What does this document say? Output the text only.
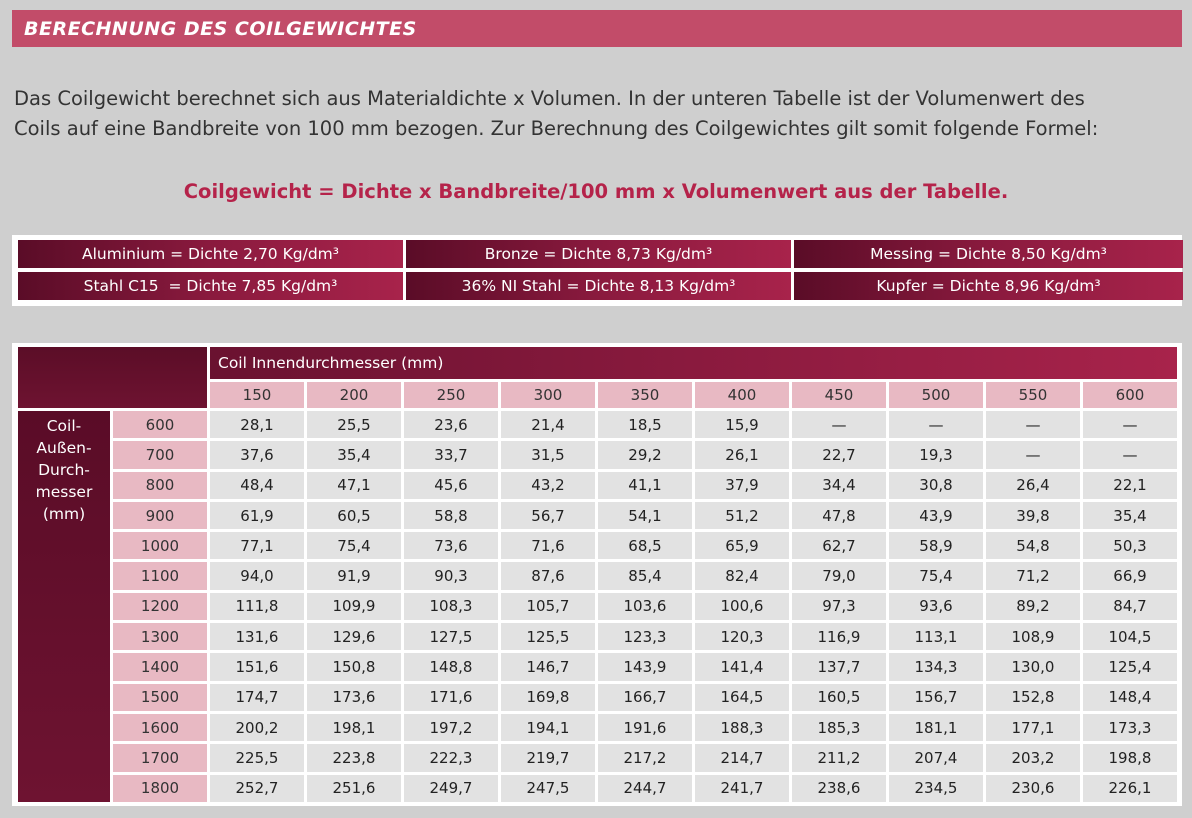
BERECHNUNG DES COILGEWICHTES
Das Coilgewicht berechnet sich aus Materialdichte x Volumen. In der unteren Tabelle ist der Volumenwert des
Coils auf eine Bandbreite von 100 mm bezogen. Zur Berechnung des Coilgewichtes gilt somit folgende Formel:
Coilgewicht = Dichte x Bandbreite/100 mm x Volumenwert aus der Tabelle.
Aluminium = Dichte 2,70 Kg/dm³	Bronze = Dichte 8,73 Kg/dm³	Messing = Dichte 8,50 Kg/dm³
Stahl C15  = Dichte 7,85 Kg/dm³	36% NI Stahl = Dichte 8,13 Kg/dm³	Kupfer = Dichte 8,96 Kg/dm³
Coil Innendurchmesser (mm)
Coil-
Außen-
Durch-
messer
(mm)
150	200	250	300	350	400	450	500	550	600
600	28,1	25,5	23,6	21,4	18,5	15,9	—	—	—	—
700	37,6	35,4	33,7	31,5	29,2	26,1	22,7	19,3	—	—
800	48,4	47,1	45,6	43,2	41,1	37,9	34,4	30,8	26,4	22,1
900	61,9	60,5	58,8	56,7	54,1	51,2	47,8	43,9	39,8	35,4
1000	77,1	75,4	73,6	71,6	68,5	65,9	62,7	58,9	54,8	50,3
1100	94,0	91,9	90,3	87,6	85,4	82,4	79,0	75,4	71,2	66,9
1200	111,8	109,9	108,3	105,7	103,6	100,6	97,3	93,6	89,2	84,7
1300	131,6	129,6	127,5	125,5	123,3	120,3	116,9	113,1	108,9	104,5
1400	151,6	150,8	148,8	146,7	143,9	141,4	137,7	134,3	130,0	125,4
1500	174,7	173,6	171,6	169,8	166,7	164,5	160,5	156,7	152,8	148,4
1600	200,2	198,1	197,2	194,1	191,6	188,3	185,3	181,1	177,1	173,3
1700	225,5	223,8	222,3	219,7	217,2	214,7	211,2	207,4	203,2	198,8
1800	252,7	251,6	249,7	247,5	244,7	241,7	238,6	234,5	230,6	226,1
